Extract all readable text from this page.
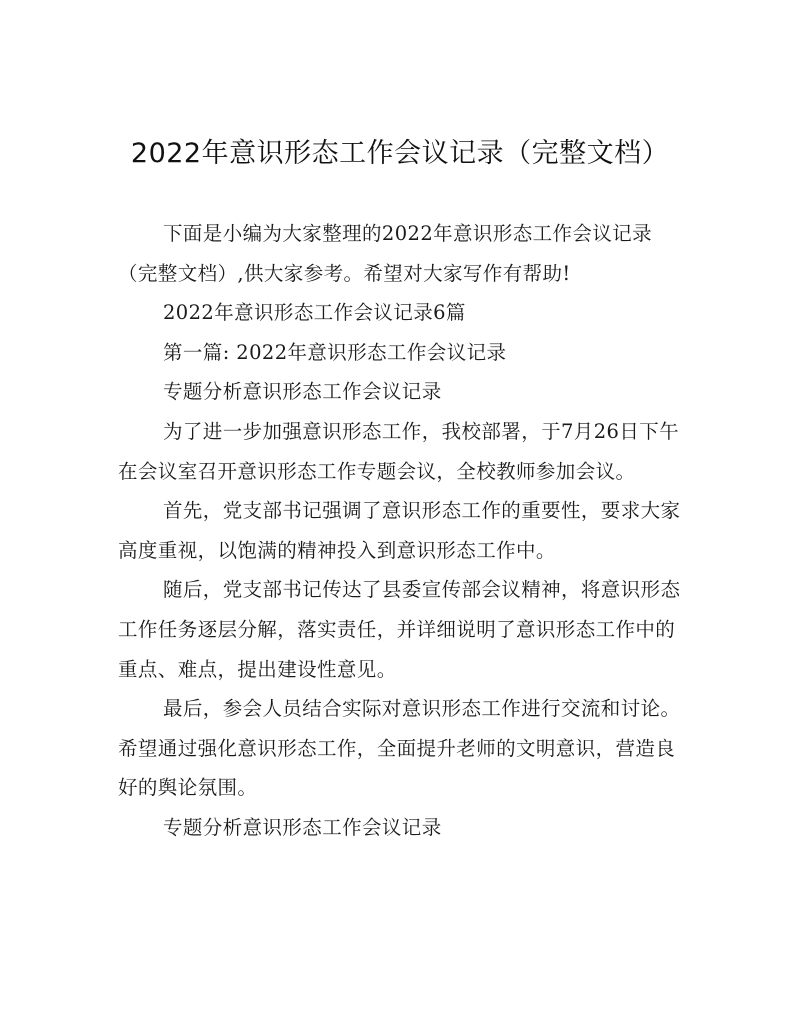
2022年意识形态工作会议记录（完整文档）

下面是小编为大家整理的2022年意识形态工作会议记录（完整文档）,供大家参考。希望对大家写作有帮助!

2022年意识形态工作会议记录6篇

第一篇: 2022年意识形态工作会议记录

专题分析意识形态工作会议记录

为了进一步加强意识形态工作，我校部署，于7月26日下午在会议室召开意识形态工作专题会议，全校教师参加会议。

首先，党支部书记强调了意识形态工作的重要性，要求大家高度重视，以饱满的精神投入到意识形态工作中。

随后，党支部书记传达了县委宣传部会议精神，将意识形态工作任务逐层分解，落实责任，并详细说明了意识形态工作中的重点、难点，提出建设性意见。

最后，参会人员结合实际对意识形态工作进行交流和讨论。希望通过强化意识形态工作，全面提升老师的文明意识，营造良好的舆论氛围。

专题分析意识形态工作会议记录
